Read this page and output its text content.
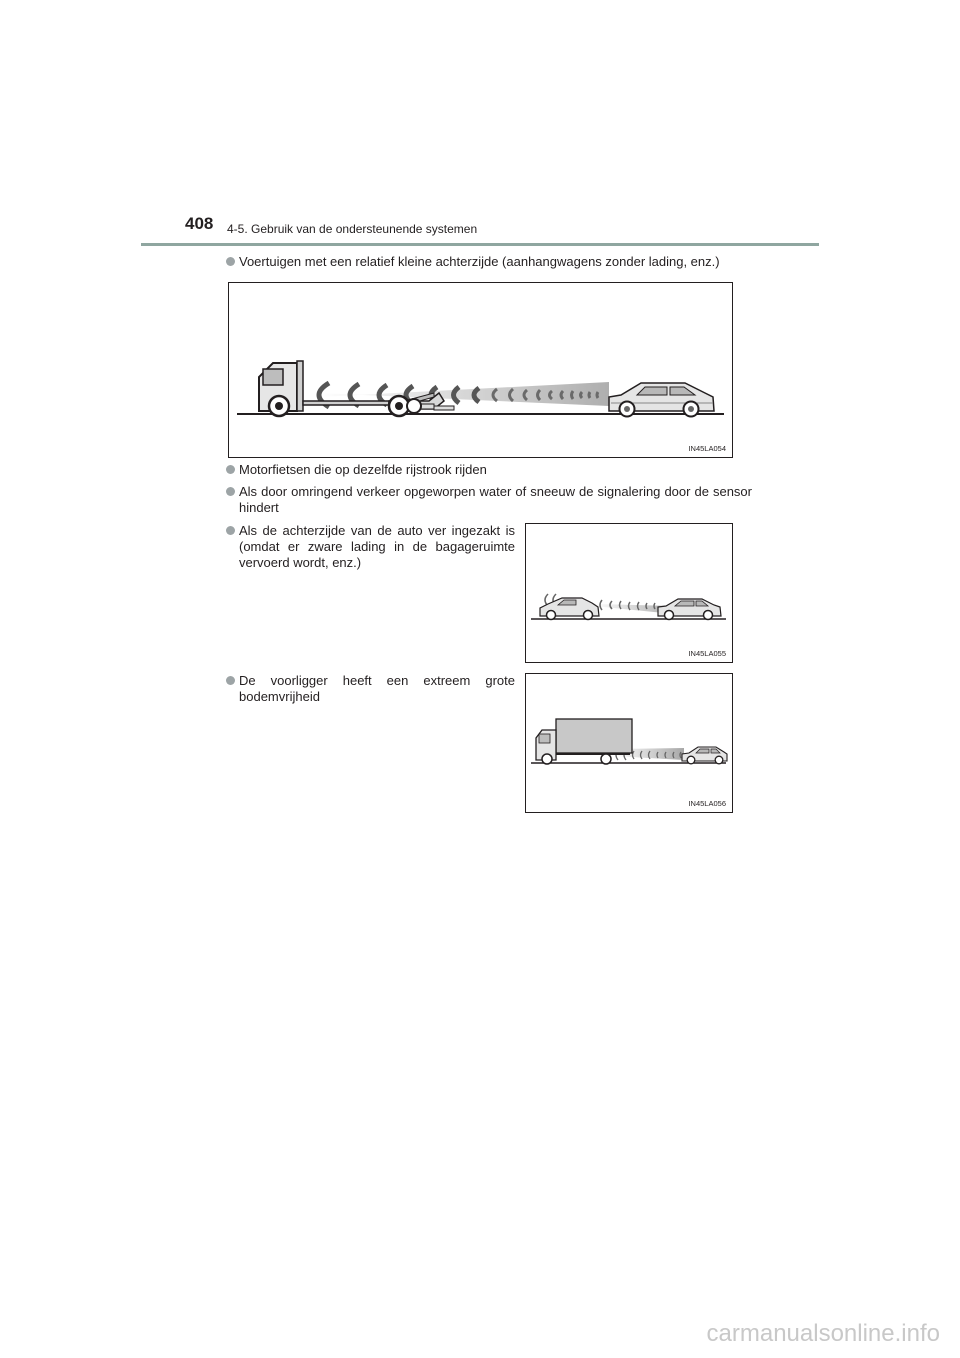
408 4-5. Gebruik van de ondersteunende systemen
Voertuigen met een relatief kleine achterzijde (aanhangwagens zonder lading, enz.)
IN45LA054
Motorfietsen die op dezelfde rijstrook rijden
Als door omringend verkeer opgeworpen water of sneeuw de signalering door de sensor hindert
Als de achterzijde van de auto ver ingezakt is (omdat er zware lading in de bagageruimte vervoerd wordt, enz.)
IN45LA055
De voorligger heeft een extreem grote bodemvrijheid
IN45LA056
carmanualsonline.info
